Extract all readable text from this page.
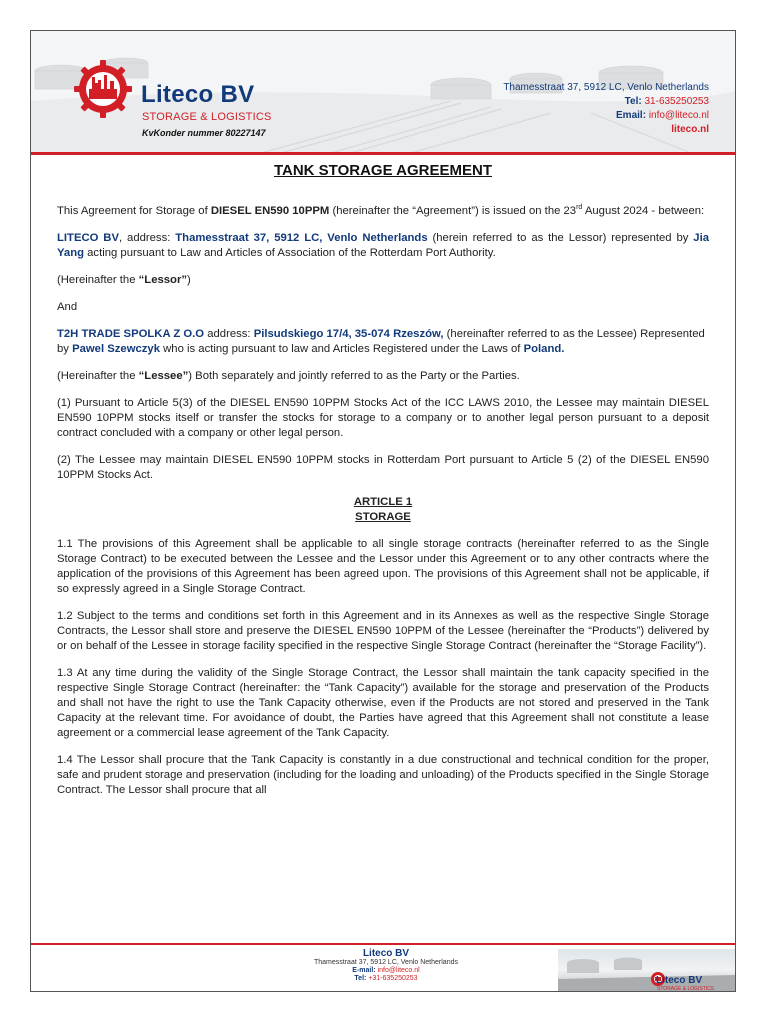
Liteco BV
STORAGE & LOGISTICS
KvKonder nummer 80227147
Thamesstraat 37, 5912 LC, Venlo Netherlands
Tel: 31-635250253
Email: info@liteco.nl
liteco.nl

TANK STORAGE AGREEMENT

This Agreement for Storage of DIESEL EN590 10PPM (hereinafter the “Agreement”) is issued on the 23rd August 2024 - between:

LITECO BV, address: Thamesstraat 37, 5912 LC, Venlo Netherlands (herein referred to as the Lessor) represented by Jia Yang acting pursuant to Law and Articles of Association of the Rotterdam Port Authority.

(Hereinafter the “Lessor”)

And

T2H TRADE SPOLKA Z O.O address: Pilsudskiego 17/4, 35-074 Rzeszów, (hereinafter referred to as the Lessee) Represented by Pawel Szewczyk who is acting pursuant to law and Articles Registered under the Laws of Poland.

(Hereinafter the “Lessee”) Both separately and jointly referred to as the Party or the Parties.

(1) Pursuant to Article 5(3) of the DIESEL EN590 10PPM Stocks Act of the ICC LAWS 2010, the Lessee may maintain DIESEL EN590 10PPM stocks itself or transfer the stocks for storage to a company or to another legal person pursuant to a deposit contract concluded with a company or other legal person.

(2) The Lessee may maintain DIESEL EN590 10PPM stocks in Rotterdam Port pursuant to Article 5 (2) of the DIESEL EN590 10PPM Stocks Act.

ARTICLE 1
STORAGE

1.1 The provisions of this Agreement shall be applicable to all single storage contracts (hereinafter referred to as the Single Storage Contract) to be executed between the Lessee and the Lessor under this Agreement or to any other contracts where the application of the provisions of this Agreement has been agreed upon. The provisions of this Agreement shall not be applicable, if so expressly agreed in a Single Storage Contract.

1.2 Subject to the terms and conditions set forth in this Agreement and in its Annexes as well as the respective Single Storage Contracts, the Lessor shall store and preserve the DIESEL EN590 10PPM of the Lessee (hereinafter the “Products”) delivered by or on behalf of the Lessee in storage facility specified in the respective Single Storage Contract (hereinafter the “Storage Facility”).

1.3 At any time during the validity of the Single Storage Contract, the Lessor shall maintain the tank capacity specified in the respective Single Storage Contract (hereinafter: the “Tank Capacity”) available for the storage and preservation of the Products and shall not have the right to use the Tank Capacity otherwise, even if the Products are not stored and preserved in the Tank Capacity at the relevant time. For avoidance of doubt, the Parties have agreed that this Agreement shall not constitute a lease agreement or a commercial lease agreement of the Tank Capacity.

1.4 The Lessor shall procure that the Tank Capacity is constantly in a due constructional and technical condition for the proper, safe and prudent storage and preservation (including for the loading and unloading) of the Products specified in the Single Storage Contract. The Lessor shall procure that all

Liteco BV
Thamesstraat 37, 5912 LC, Venlo Netherlands
E-mail: info@liteco.nl
Tel: +31-635250253	Liteco BV
STORAGE & LOGISTICS
